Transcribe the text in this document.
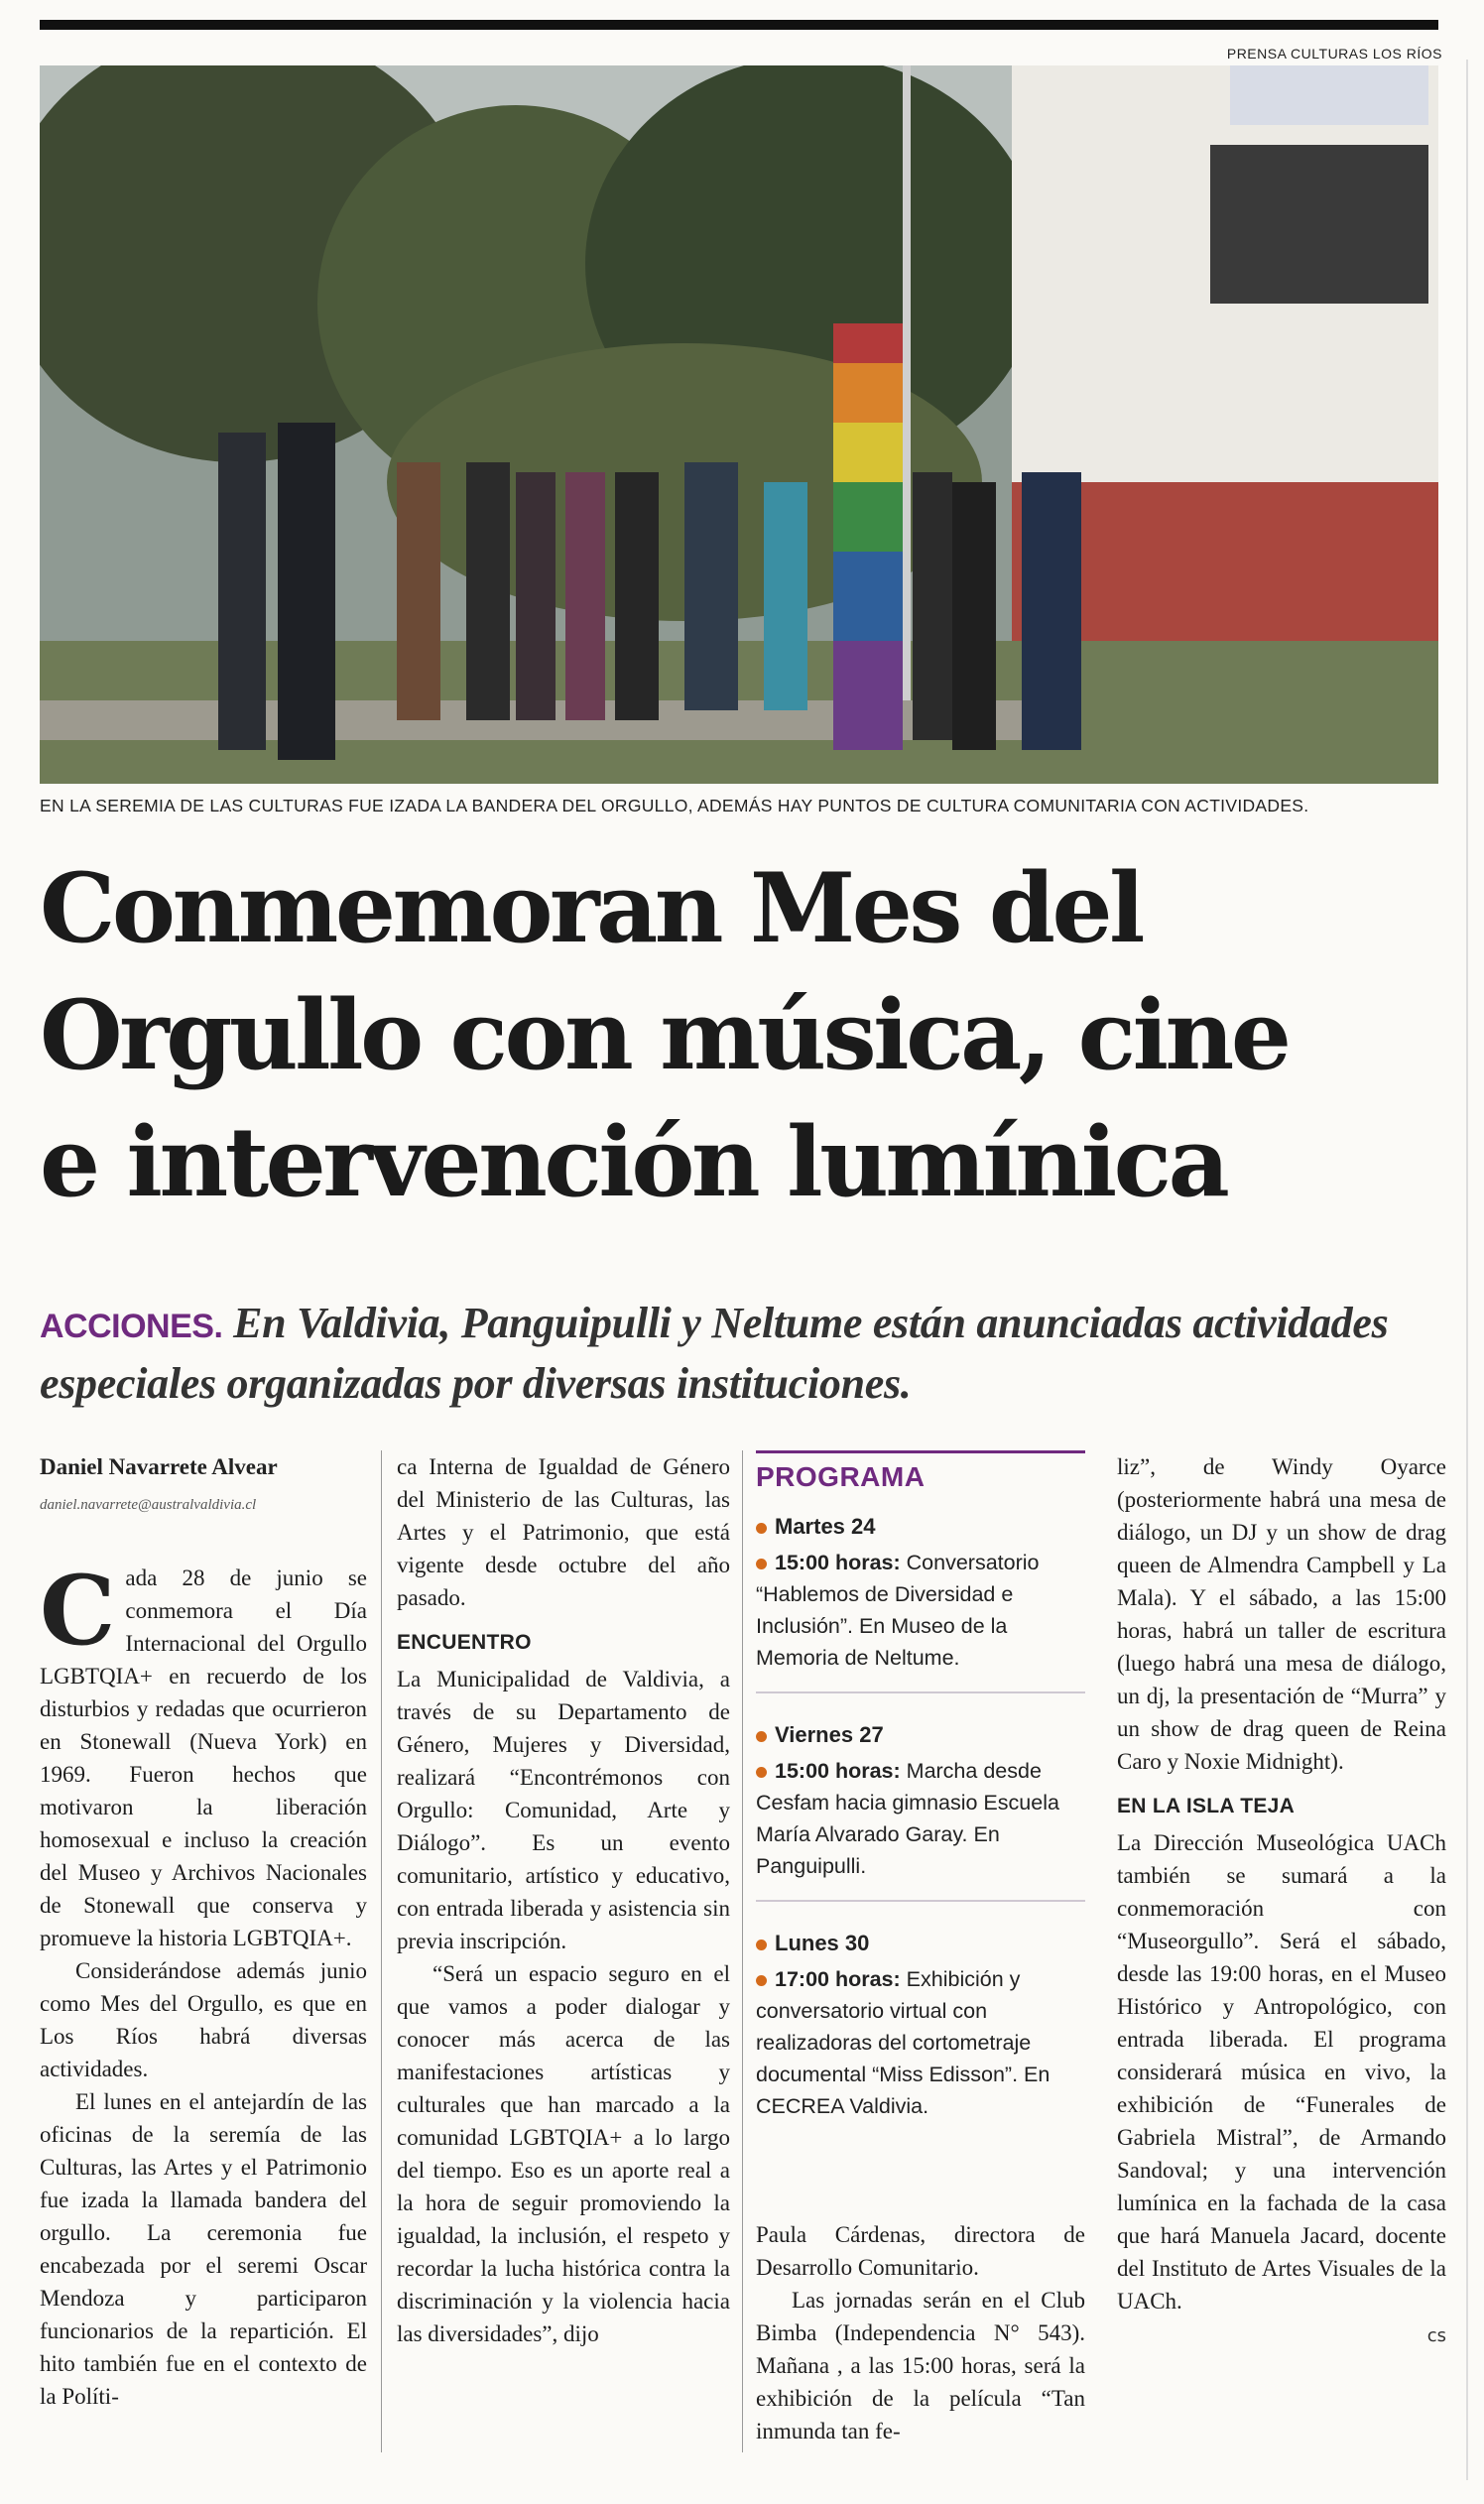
PRENSA CULTURAS LOS RÍOS
EN LA SEREMIA DE LAS CULTURAS FUE IZADA LA BANDERA DEL ORGULLO, ADEMÁS HAY PUNTOS DE CULTURA COMUNITARIA CON ACTIVIDADES.
Conmemoran Mes del
Orgullo con música, cine
e intervención lumínica
ACCIONES. En Valdivia, Panguipulli y Neltume están anunciadas actividades especiales organizadas por diversas instituciones.
Daniel Navarrete Alvear
daniel.navarrete@australvaldivia.cl
C ada 28 de junio se conmemora el Día Internacional del Orgullo LGBTQIA+ en recuerdo de los disturbios y redadas que ocurrieron en Stonewall (Nueva York) en 1969. Fueron hechos que motivaron la liberación homosexual e incluso la creación del Museo y Archivos Nacionales de Stonewall que conserva y promueve la historia LGBTQIA+.

Considerándose además junio como Mes del Orgullo, es que en Los Ríos habrá diversas actividades.

El lunes en el antejardín de las oficinas de la seremía de las Culturas, las Artes y el Patrimonio fue izada la llamada bandera del orgullo. La ceremonia fue encabezada por el seremi Oscar Mendoza y participaron funcionarios de la repartición. El hito también fue en el contexto de la Políti-

ca Interna de Igualdad de Género del Ministerio de las Culturas, las Artes y el Patrimonio, que está vigente desde octubre del año pasado.

ENCUENTRO

La Municipalidad de Valdivia, a través de su Departamento de Género, Mujeres y Diversidad, realizará “Encontrémonos con Orgullo: Comunidad, Arte y Diálogo”. Es un evento comunitario, artístico y educativo, con entrada liberada y asistencia sin previa inscripción.

“Será un espacio seguro en el que vamos a poder dialogar y conocer más acerca de las manifestaciones artísticas y culturales que han marcado a la comunidad LGBTQIA+ a lo largo del tiempo. Eso es un aporte real a la hora de seguir promoviendo la igualdad, la inclusión, el respeto y recordar la lucha histórica contra la discriminación y la violencia hacia las diversidades”, dijo

PROGRAMA
Martes 24
15:00 horas: Conversatorio “Hablemos de Diversidad e Inclusión”. En Museo de la Memoria de Neltume.
Viernes 27
15:00 horas: Marcha desde Cesfam hacia gimnasio Escuela María Alvarado Garay. En Panguipulli.
Lunes 30
17:00 horas: Exhibición y conversatorio virtual con realizadoras del cortometraje documental “Miss Edisson”. En CECREA Valdivia.

Paula Cárdenas, directora de Desarrollo Comunitario.

Las jornadas serán en el Club Bimba (Independencia N° 543). Mañana , a las 15:00 horas, será la exhibición de la película “Tan inmunda tan fe-

liz”, de Windy Oyarce (posteriormente habrá una mesa de diálogo, un DJ y un show de drag queen de Almendra Campbell y La Mala). Y el sábado, a las 15:00 horas, habrá un taller de escritura (luego habrá una mesa de diálogo, un dj, la presentación de “Murra” y un show de drag queen de Reina Caro y Noxie Midnight).

EN LA ISLA TEJA

La Dirección Museológica UACh también se sumará a la conmemoración con “Museorgullo”. Será el sábado, desde las 19:00 horas, en el Museo Histórico y Antropológico, con entrada liberada. El programa considerará música en vivo, la exhibición de “Funerales de Gabriela Mistral”, de Armando Sandoval; y una intervención lumínica en la fachada de la casa que hará Manuela Jacard, docente del Instituto de Artes Visuales de la UACh.

cs
